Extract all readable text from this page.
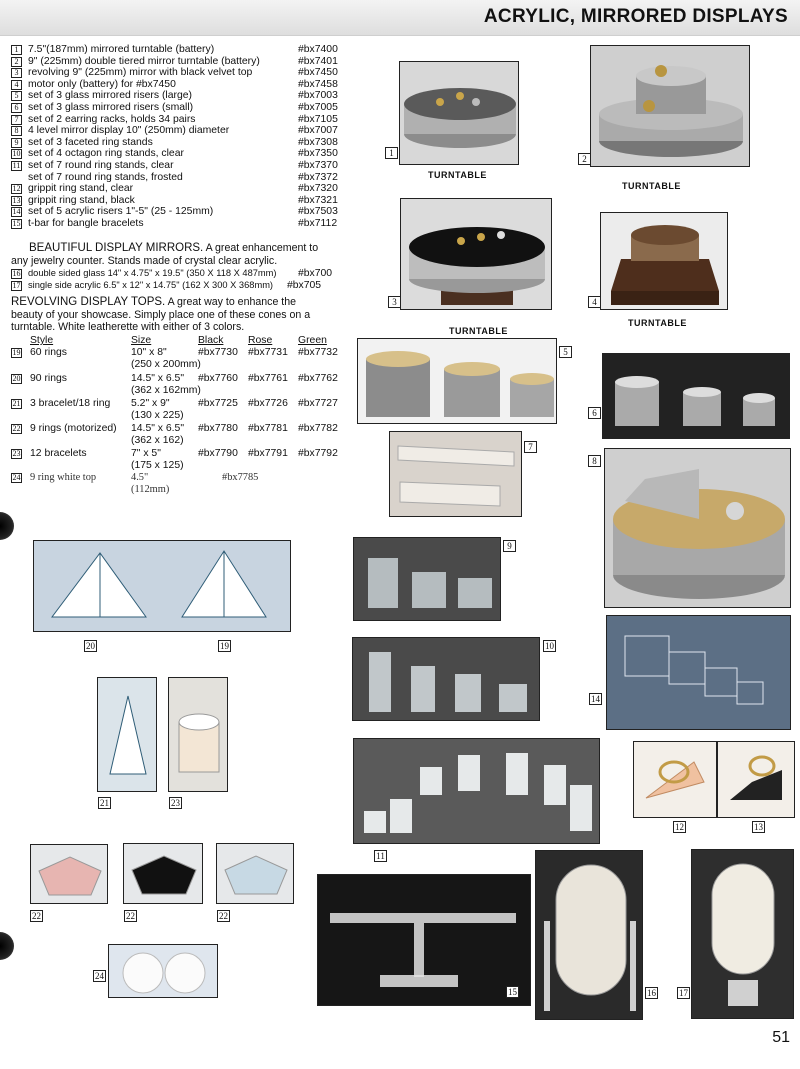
ACRYLIC, MIRRORED DISPLAYS
1 7.5"(187mm) mirrored turntable (battery)	#bx7400
2 9" (225mm) double tiered mirror turntable (battery)	#bx7401
3 revolving 9" (225mm) mirror with black velvet top	#bx7450
4 motor only (battery) for #bx7450	#bx7458
5 set of 3 glass mirrored risers (large)	#bx7003
6 set of 3 glass mirrored risers (small)	#bx7005
7 set of 2 earring racks, holds 34 pairs	#bx7105
8 4 level mirror display 10" (250mm) diameter	#bx7007
9 set of 3 faceted ring stands	#bx7308
10 set of 4 octagon ring stands, clear	#bx7350
11 set of 7 round ring stands, clear	#bx7370
set of 7 round ring stands, frosted	#bx7372
12 grippit ring stand, clear	#bx7320
13 grippit ring stand, black	#bx7321
14 set of 5 acrylic risers 1"-5" (25 - 125mm)	#bx7503
15 t-bar for bangle bracelets	#bx7112
BEAUTIFUL DISPLAY MIRRORS. A great enhancement to
any jewelry counter. Stands made of crystal clear acrylic.
16 double sided glass 14" x 4.75" x 19.5" (350 X 118 X 487mm) #bx700
17 single side acrylic 6.5" x 12" x 14.75" (162 X 300 X 368mm) #bx705
REVOLVING DISPLAY TOPS. A great way to enhance the
beauty of your showcase. Simply place one of these cones on a
turntable. White leatherette with either of 3 colors.
Style	Size	Black Rose Green
19 60 rings	10" x 8"
(250 x 200mm)
#bx7730 #bx7731 #bx7732
20 90 rings	14.5" x 6.5"
(362 x 162mm)
#bx7760 #bx7761 #bx7762
21 3 bracelet/18 ring 5.2" x 9"
(130 x 225)
#bx7725 #bx7726 #bx7727
22 9 rings (motorized) 14.5" x 6.5"
(362 x 162)
#bx7780 #bx7781 #bx7782
23 12 bracelets	7" x 5"
(175 x 125)
#bx7790 #bx7791 #bx7792
24 9 ring white top	4.5"
(112mm)
#bx7785
1
TURNTABLE
2
TURNTABLE
3
TURNTABLE
4
TURNTABLE
5
6
7
8
9
10
14
11
12	13
15	16	17
20	19
21	23
22	22	22
24
51
